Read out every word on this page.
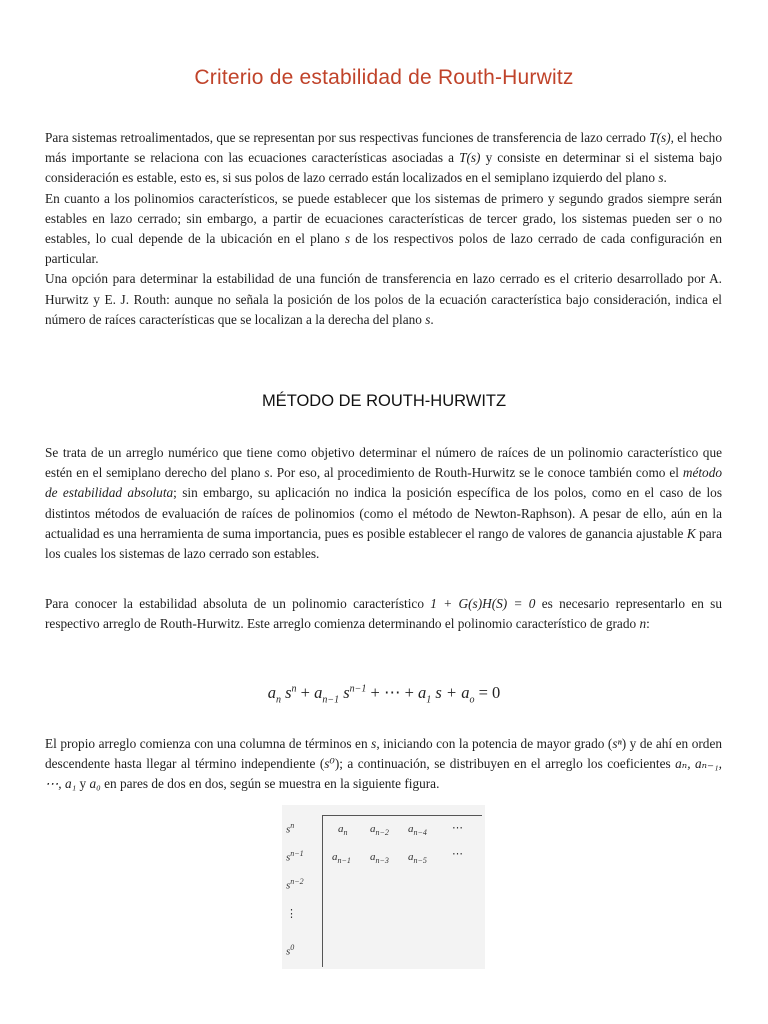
Criterio de estabilidad de Routh-Hurwitz

Para sistemas retroalimentados, que se representan por sus respectivas funciones de transferencia de lazo cerrado T(s), el hecho más importante se relaciona con las ecuaciones características asociadas a T(s) y consiste en determinar si el sistema bajo consideración es estable, esto es, si sus polos de lazo cerrado están localizados en el semiplano izquierdo del plano s.

En cuanto a los polinomios característicos, se puede establecer que los sistemas de primero y segundo grados siempre serán estables en lazo cerrado; sin embargo, a partir de ecuaciones características de tercer grado, los sistemas pueden ser o no estables, lo cual depende de la ubicación en el plano s de los respectivos polos de lazo cerrado de cada configuración en particular.

Una opción para determinar la estabilidad de una función de transferencia en lazo cerrado es el criterio desarrollado por A. Hurwitz y E. J. Routh: aunque no señala la posición de los polos de la ecuación característica bajo consideración, indica el número de raíces características que se localizan a la derecha del plano s.

MÉTODO DE ROUTH-HURWITZ

Se trata de un arreglo numérico que tiene como objetivo determinar el número de raíces de un polinomio característico que estén en el semiplano derecho del plano s. Por eso, al procedimiento de Routh-Hurwitz se le conoce también como el método de estabilidad absoluta; sin embargo, su aplicación no indica la posición específica de los polos, como en el caso de los distintos métodos de evaluación de raíces de polinomios (como el método de Newton-Raphson). A pesar de ello, aún en la actualidad es una herramienta de suma importancia, pues es posible establecer el rango de valores de ganancia ajustable K para los cuales los sistemas de lazo cerrado son estables.

Para conocer la estabilidad absoluta de un polinomio característico 1 + G(s)H(S) = 0 es necesario representarlo en su respectivo arreglo de Routh-Hurwitz. Este arreglo comienza determinando el polinomio característico de grado n:

$a_n$ $s^n + a_{n-1}$ $s^{n-1}$ + ⋯ + $a_1$ $s + a_o = 0$

El propio arreglo comienza con una columna de términos en s, iniciando con la potencia de mayor grado (sⁿ) y de ahí en orden descendente hasta llegar al término independiente (s⁰); a continuación, se distribuyen en el arreglo los coeficientes aₙ, aₙ₋₁, ⋯, a₁ y a₀ en pares de dos en dos, según se muestra en la siguiente figura.

$s^n$
$s^{n-1}$
$s^{n-2}$
⋮
$s^0$
$a_n$ $a_{n-2}$ $a_{n-4}$ ⋯
$a_{n-1}$ $a_{n-3}$ $a_{n-5}$
⋯
